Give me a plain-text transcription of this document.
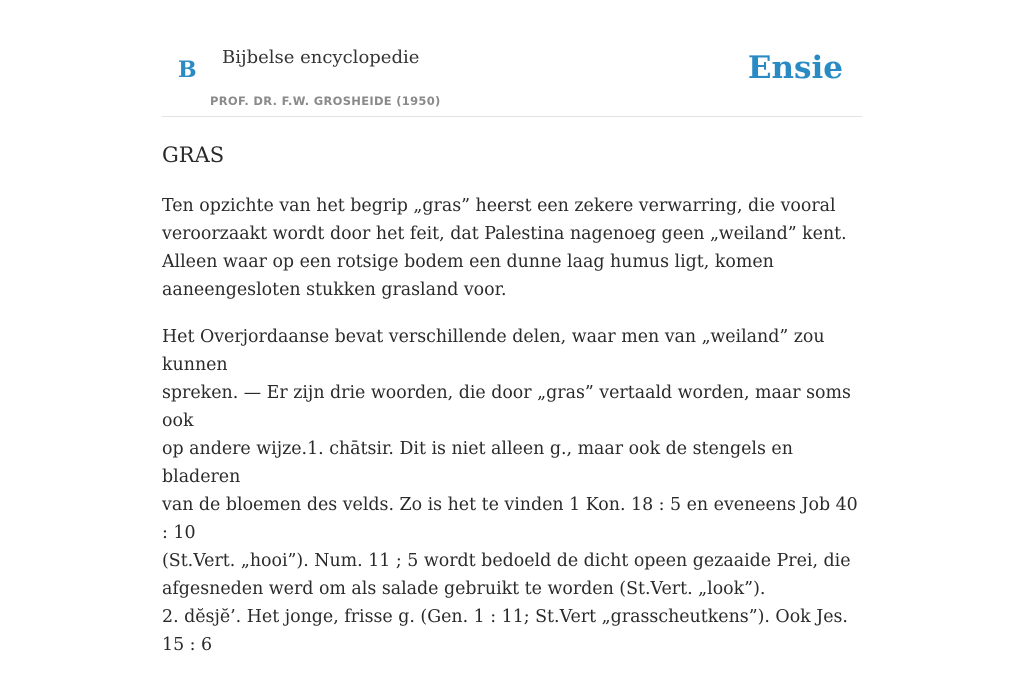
B Bijbelse encyclopedie
PROF. DR. F.W. GROSHEIDE (1950)
Ensie
GRAS

Ten opzichte van het begrip „gras” heerst een zekere verwarring, die vooral
veroorzaakt wordt door het feit, dat Palestina nagenoeg geen „weiland” kent.
Alleen waar op een rotsige bodem een dunne laag humus ligt, komen
aaneengesloten stukken grasland voor.

Het Overjordaanse bevat verschillende delen, waar men van „weiland” zou kunnen
spreken. — Er zijn drie woorden, die door „gras” vertaald worden, maar soms ook
op andere wijze.1. chātsir. Dit is niet alleen g., maar ook de stengels en bladeren
van de bloemen des velds. Zo is het te vinden 1 Kon. 18 : 5 en eveneens Job 40 : 10
(St.Vert. „hooi”). Num. 11 ; 5 wordt bedoeld de dicht opeen gezaaide Prei, die
afgesneden werd om als salade gebruikt te worden (St.Vert. „look”).
2. dĕsjĕ’. Het jonge, frisse g. (Gen. 1 : 11; St.Vert „grasscheutkens”). Ook Jes. 15 : 6
